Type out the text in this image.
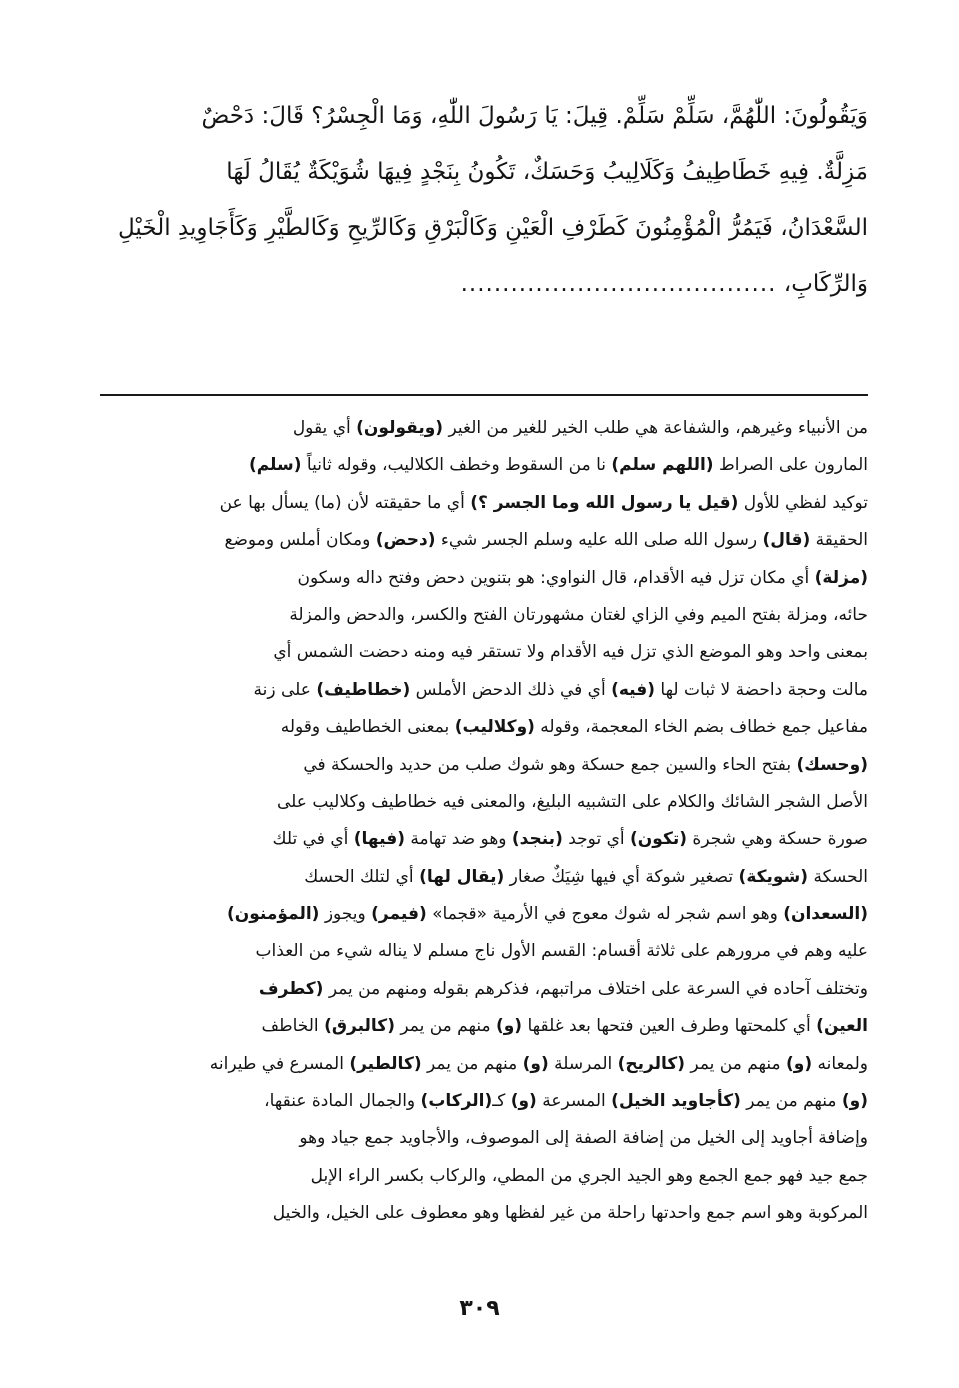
وَيَقُولُونَ: اللّٰهُمَّ، سَلِّمْ سَلِّمْ. قِيلَ: يَا رَسُولَ اللّٰهِ، وَمَا الْجِسْرُ؟ قَالَ: دَحْضٌ
مَزِلَّةٌ. فِيهِ خَطَاطِيفُ وَكَلَالِيبُ وَحَسَكٌ، تَكُونُ بِنَجْدٍ فِيهَا شُوَيْكَةٌ يُقَالُ لَهَا
السَّعْدَانُ، فَيَمُرُّ الْمُؤْمِنُونَ كَطَرْفِ الْعَيْنِ وَكَالْبَرْقِ وَكَالرِّيحِ وَكَالطَّيْرِ وَكَأَجَاوِيدِ الْخَيْلِ
وَالرِّكَابِ، ......................................
من الأنبياء وغيرهم، والشفاعة هي طلب الخير للغير من الغير (ويقولون) أي يقول
المارون على الصراط (اللهم سلم) نا من السقوط وخطف الكلاليب، وقوله ثانياً (سلم)
توكيد لفظي للأول (قيل يا رسول الله وما الجسر ؟) أي ما حقيقته لأن (ما) يسأل بها عن
الحقيقة (قال) رسول الله صلى الله عليه وسلم الجسر شيء (دحض) ومكان أملس وموضع
(مزلة) أي مكان تزل فيه الأقدام، قال النواوي: هو بتنوين دحض وفتح داله وسكون
حائه، ومزلة بفتح الميم وفي الزاي لغتان مشهورتان الفتح والكسر، والدحض والمزلة
بمعنى واحد وهو الموضع الذي تزل فيه الأقدام ولا تستقر فيه ومنه دحضت الشمس أي
مالت وحجة داحضة لا ثبات لها (فيه) أي في ذلك الدحض الأملس (خطاطيف) على زنة
مفاعيل جمع خطاف بضم الخاء المعجمة، وقوله (وكلاليب) بمعنى الخطاطيف وقوله
(وحسك) بفتح الحاء والسين جمع حسكة وهو شوك صلب من حديد والحسكة في
الأصل الشجر الشائك والكلام على التشبيه البليغ، والمعنى فيه خطاطيف وكلاليب على
صورة حسكة وهي شجرة (تكون) أي توجد (بنجد) وهو ضد تهامة (فيها) أي في تلك
الحسكة (شويكة) تصغير شوكة أي فيها شِيَكٌ صغار (يقال لها) أي لتلك الحسك
(السعدان) وهو اسم شجر له شوك معوج في الأرمية «قجما» (فيمر) ويجوز (المؤمنون)
عليه وهم في مرورهم على ثلاثة أقسام: القسم الأول ناج مسلم لا يناله شيء من العذاب
وتختلف آحاده في السرعة على اختلاف مراتبهم، فذكرهم بقوله ومنهم من يمر (كطرف
العين) أي كلمحتها وطرف العين فتحها بعد غلقها (و) منهم من يمر (كالبرق) الخاطف
ولمعانه (و) منهم من يمر (كالريح) المرسلة (و) منهم من يمر (كالطير) المسرع في طيرانه
(و) منهم من يمر (كأجاويد الخيل) المسرعة (و) كـ(الركاب) والجمال المادة عنقها،
وإضافة أجاويد إلى الخيل من إضافة الصفة إلى الموصوف، والأجاويد جمع جياد وهو
جمع جيد فهو جمع الجمع وهو الجيد الجري من المطي، والركاب بكسر الراء الإبل
المركوبة وهو اسم جمع واحدتها راحلة من غير لفظها وهو معطوف على الخيل، والخيل
٣٠٩
